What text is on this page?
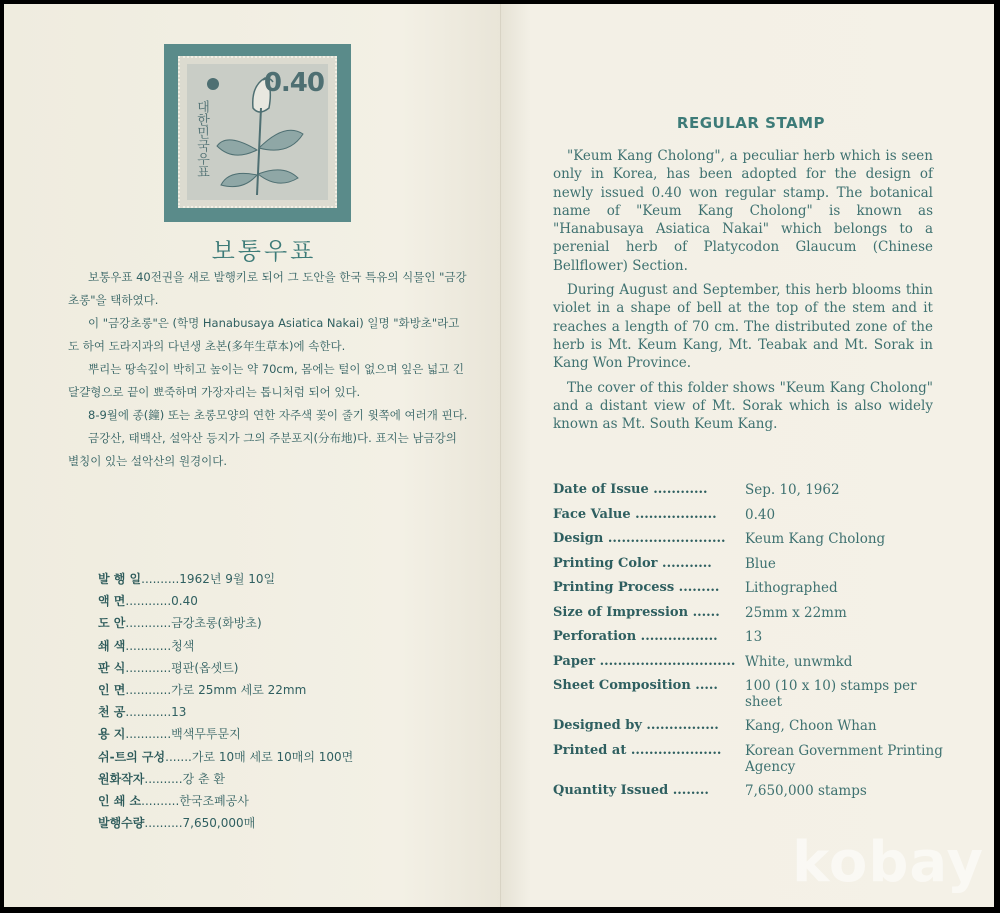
0.40
대한민국우표
보통우표

보통우표 40전권을 새로 발행키로 되어 그 도안을 한국 특유의 식물인 "금강초롱"을 택하였다.

이 "금강초롱"은 (학명 Hanabusaya Asiatica Nakai) 일명 "화방초"라고도 하여 도라지과의 다년생 초본(多年生草本)에 속한다.

뿌리는 땅속깊이 박히고 높이는 약 70cm, 몸에는 털이 없으며 잎은 넓고 긴 달걀형으로 끝이 뾰죽하며 가장자리는 톱니처럼 되어 있다.

8-9월에 종(鐘) 또는 초롱모양의 연한 자주색 꽃이 줄기 윗쪽에 여러개 핀다.

금강산, 태백산, 설악산 등지가 그의 주분포지(分布地)다. 표지는 남금강의 별칭이 있는 설악산의 원경이다.

발 행 일..........1962년 9월 10일
액 면............0.40
도 안............금강초롱(화방초)
쇄 색............청색
판 식............평판(옵셋트)
인 면............가로 25mm 세로 22mm
천 공............13
용 지............백색무투문지
쉬-트의 구성.......가로 10매 세로 10매의 100면
원화작자..........강 춘 환
인 쇄 소..........한국조폐공사
발행수량..........7,650,000매
REGULAR STAMP

"Keum Kang Cholong", a peculiar herb which is seen only in Korea, has been adopted for the design of newly issued 0.40 won regular stamp. The botanical name of "Keum Kang Cholong" is known as "Hanabusaya Asiatica Nakai" which belongs to a perenial herb of Platycodon Glaucum (Chinese Bellflower) Section.

During August and September, this herb blooms thin violet in a shape of bell at the top of the stem and it reaches a length of 70 cm. The distributed zone of the herb is Mt. Keum Kang, Mt. Teabak and Mt. Sorak in Kang Won Province.

The cover of this folder shows "Keum Kang Cholong" and a distant view of Mt. Sorak which is also widely known as Mt. South Keum Kang.

Date of Issue ............	Sep. 10, 1962
Face Value ..................	0.40
Design ..........................	Keum Kang Cholong
Printing Color ...........	Blue
Printing Process .........	Lithographed
Size of Impression ......	25mm x 22mm
Perforation .................	13
Paper .............................. White, unwmkd
Sheet Composition .....	100 (10 x 10) stamps per sheet
Designed by ................	Kang, Choon Whan
Printed at ....................	Korean Government Printing Agency
Quantity Issued ........	7,650,000 stamps
kobay
